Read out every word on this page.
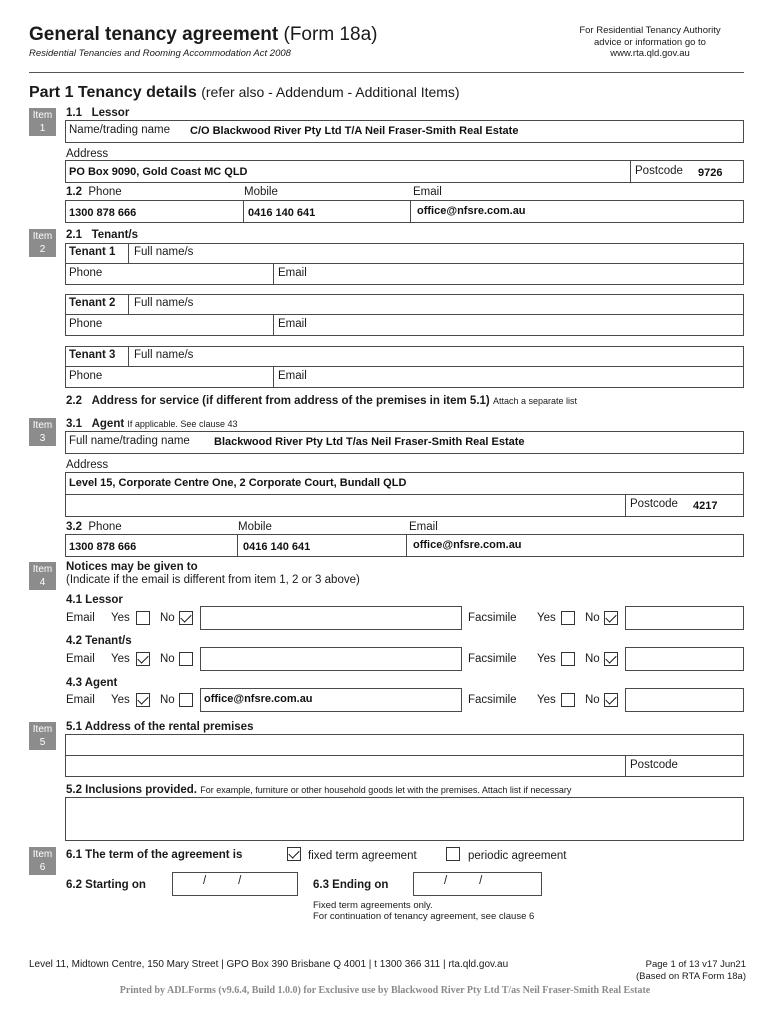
General tenancy agreement (Form 18a)
Residential Tenancies and Rooming Accommodation Act 2008
For Residential Tenancy Authority
advice or information go to
www.rta.qld.gov.au
Part 1 Tenancy details (refer also - Addendum - Additional Items)
Item
1
1.1 Lessor
Name/trading name C/O Blackwood River Pty Ltd T/A Neil Fraser-Smith Real Estate
Address
PO Box 9090, Gold Coast MC QLD	Postcode 9726
1.2 Phone	Mobile	Email
1300 878 666	0416 140 641	office@nfsre.com.au
Item
2
2.1 Tenant/s
Tenant 1 Full name/s
Phone	Email
Tenant 2 Full name/s
Phone	Email
Tenant 3 Full name/s
Phone	Email
2.2 Address for service (if different from address of the premises in item 5.1) Attach a separate list
Item
3
3.1 Agent If applicable. See clause 43
Full name/trading name Blackwood River Pty Ltd T/as Neil Fraser-Smith Real Estate
Address
Level 15, Corporate Centre One, 2 Corporate Court, Bundall QLD
Postcode 4217
3.2 Phone	Mobile	Email
1300 878 666	0416 140 641	office@nfsre.com.au
Item
4
Notices may be given to
(Indicate if the email is different from item 1, 2 or 3 above)
4.1 Lessor
Email Yes	No	Facsimile Yes	No
4.2 Tenant/s
Email Yes	No	Facsimile Yes	No
4.3 Agent
Email Yes	No	office@nfsre.com.au	Facsimile Yes	No
Item
5
5.1 Address of the rental premises
Postcode
5.2 Inclusions provided. For example, furniture or other household goods let with the premises. Attach list if necessary
Item
6
6.1 The term of the agreement is	fixed term agreement	periodic agreement
6.2 Starting on	/          /	6.3 Ending on	/          /
Fixed term agreements only.
For continuation of tenancy agreement, see clause 6
Level 11, Midtown Centre, 150 Mary Street | GPO Box 390 Brisbane Q 4001 | t 1300 366 311 | rta.qld.gov.au	Page 1 of 13 v17 Jun21
(Based on RTA Form 18a)
Printed by ADLForms (v9.6.4, Build 1.0.0) for Exclusive use by Blackwood River Pty Ltd T/as Neil Fraser-Smith Real Estate
